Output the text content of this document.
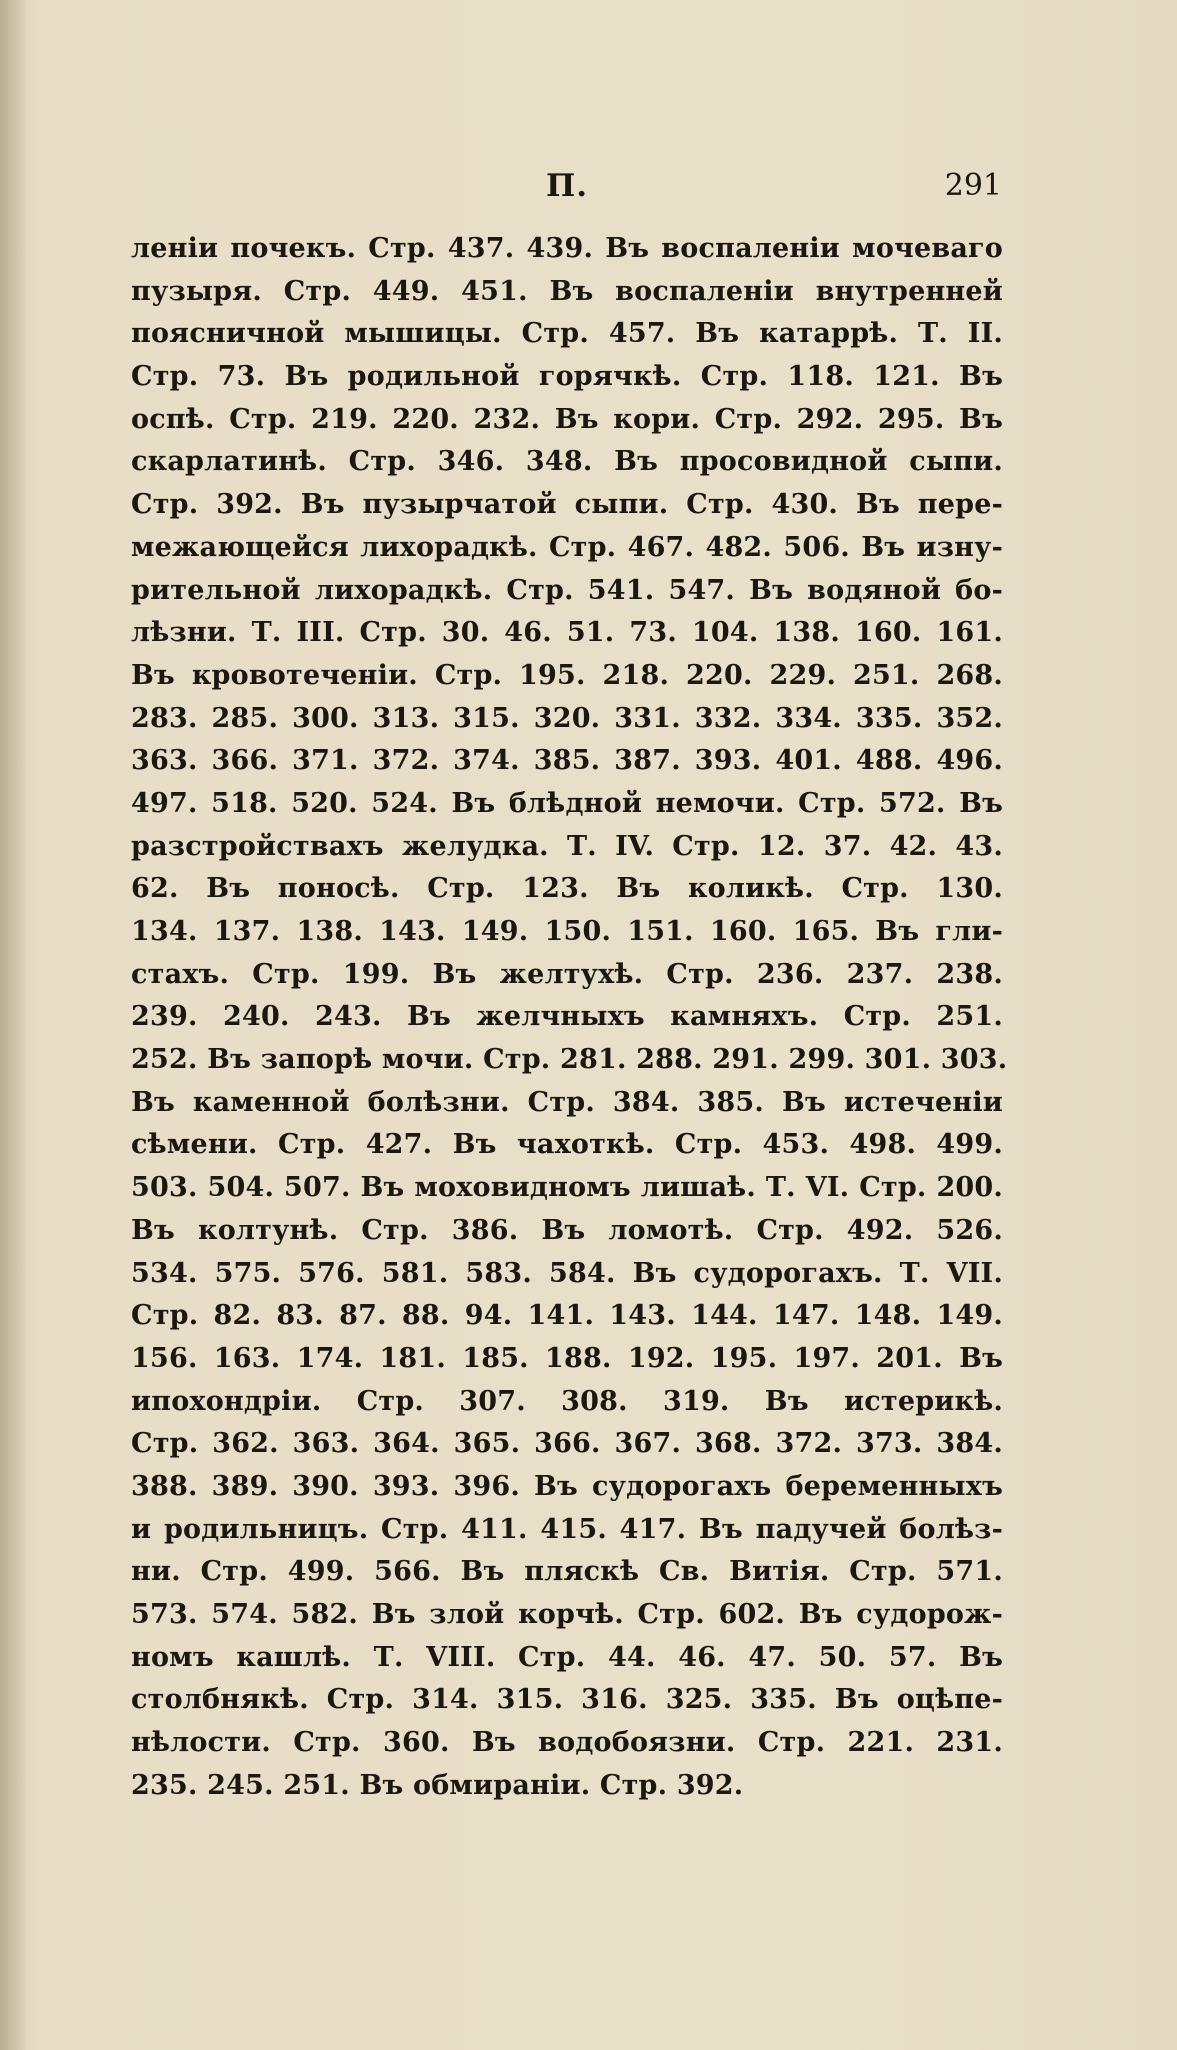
П.	291
леніи почекъ. Стр. 437. 439. Въ воспаленіи мочеваго
пузыря. Стр. 449. 451. Въ воспаленіи внутренней
поясничной мышицы. Стр. 457. Въ катаррѣ. Т. II.
Стр. 73. Въ родильной горячкѣ. Стр. 118. 121. Въ
оспѣ. Стр. 219. 220. 232. Въ кори. Стр. 292. 295. Въ
скарлатинѣ. Стр. 346. 348. Въ просовидной сыпи.
Стр. 392. Въ пузырчатой сыпи. Стр. 430. Въ пере-
межающейся лихорадкѣ. Стр. 467. 482. 506. Въ изну-
рительной лихорадкѣ. Стр. 541. 547. Въ водяной бо-
лѣзни. Т. III. Стр. 30. 46. 51. 73. 104. 138. 160. 161.
Въ кровотеченіи. Стр. 195. 218. 220. 229. 251. 268.
283. 285. 300. 313. 315. 320. 331. 332. 334. 335. 352.
363. 366. 371. 372. 374. 385. 387. 393. 401. 488. 496.
497. 518. 520. 524. Въ блѣдной немочи. Стр. 572. Въ
разстройствахъ желудка. Т. IV. Стр. 12. 37. 42. 43.
62. Въ поносѣ. Стр. 123. Въ коликѣ. Стр. 130.
134. 137. 138. 143. 149. 150. 151. 160. 165. Въ гли-
стахъ. Стр. 199. Въ желтухѣ. Стр. 236. 237. 238.
239. 240. 243. Въ желчныхъ камняхъ. Стр. 251.
252. Въ запорѣ мочи. Стр. 281. 288. 291. 299. 301. 303.
Въ каменной болѣзни. Стр. 384. 385. Въ истеченіи
сѣмени. Стр. 427. Въ чахоткѣ. Стр. 453. 498. 499.
503. 504. 507. Въ моховидномъ лишаѣ. Т. VI. Стр. 200.
Въ колтунѣ. Стр. 386. Въ ломотѣ. Стр. 492. 526.
534. 575. 576. 581. 583. 584. Въ судорогахъ. Т. VII.
Стр. 82. 83. 87. 88. 94. 141. 143. 144. 147. 148. 149.
156. 163. 174. 181. 185. 188. 192. 195. 197. 201. Въ
ипохондріи. Стр. 307. 308. 319. Въ истерикѣ.
Стр. 362. 363. 364. 365. 366. 367. 368. 372. 373. 384.
388. 389. 390. 393. 396. Въ судорогахъ беременныхъ
и родильницъ. Стр. 411. 415. 417. Въ падучей болѣз-
ни. Стр. 499. 566. Въ пляскѣ Св. Витія. Стр. 571.
573. 574. 582. Въ злой корчѣ. Стр. 602. Въ судорож-
номъ кашлѣ. Т. VIII. Стр. 44. 46. 47. 50. 57. Въ
столбнякѣ. Стр. 314. 315. 316. 325. 335. Въ оцѣпе-
нѣлости. Стр. 360. Въ водобоязни. Стр. 221. 231.
235. 245. 251. Въ обмираніи. Стр. 392.
